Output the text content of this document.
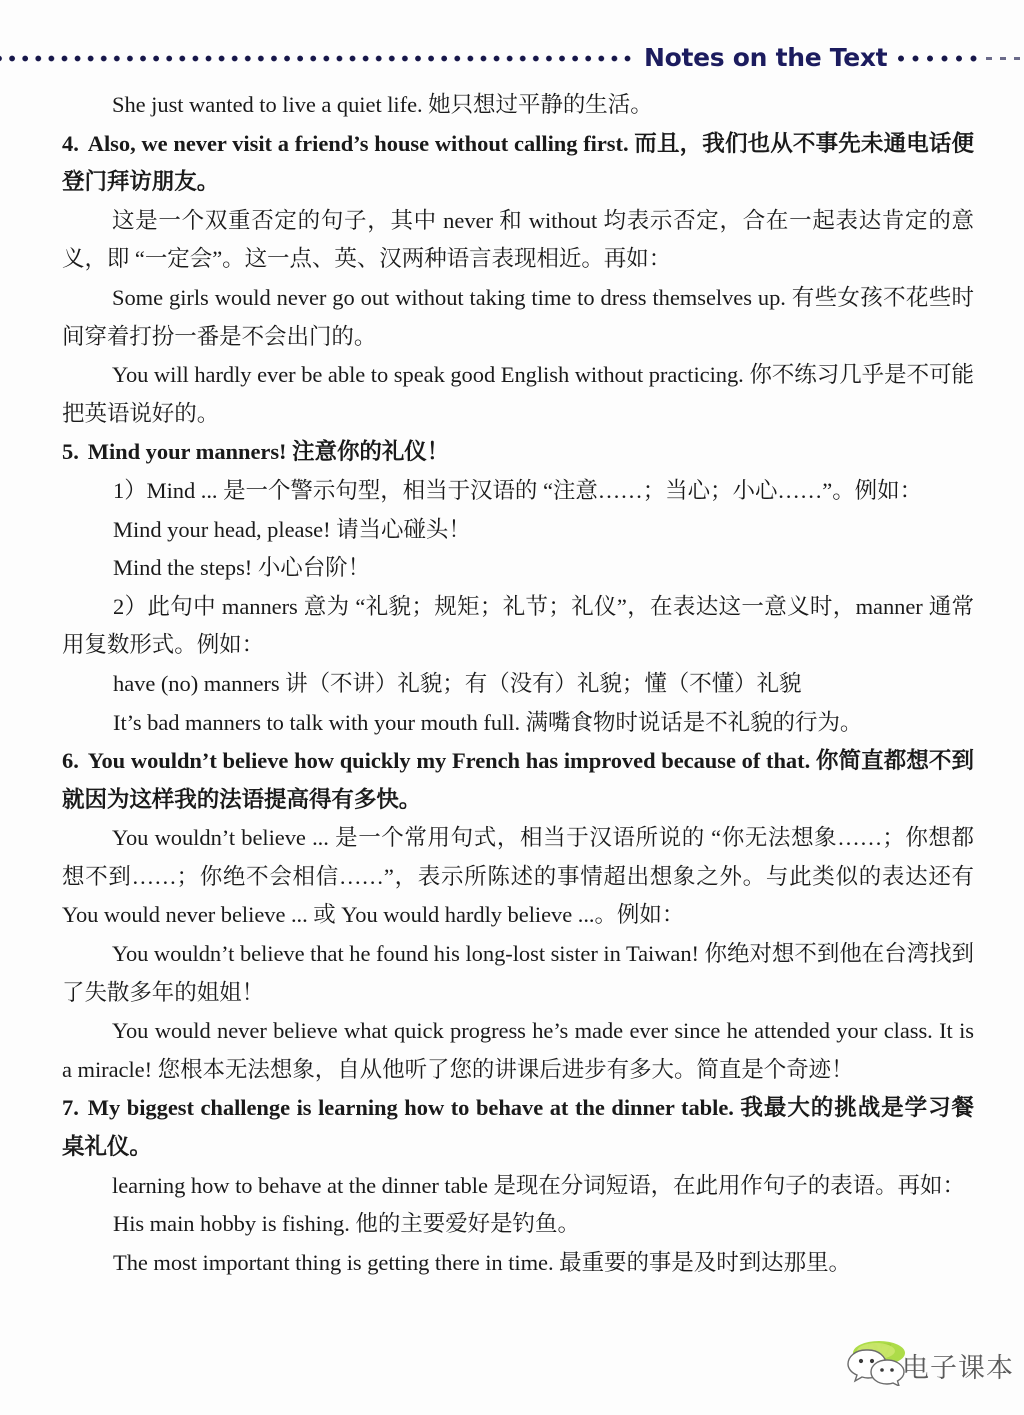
Notes on the Text

She just wanted to live a quiet life. 她只想过平静的生活。

4. Also, we never visit a friend’s house without calling first. 而且，我们也从不事先未通电话便登门拜访朋友。

这是一个双重否定的句子，其中 never 和 without 均表示否定，合在一起表达肯定的意义，即 “一定会”。这一点、英、汉两种语言表现相近。再如：

Some girls would never go out without taking time to dress themselves up. 有些女孩不花些时间穿着打扮一番是不会出门的。

You will hardly ever be able to speak good English without practicing. 你不练习几乎是不可能把英语说好的。

5. Mind your manners! 注意你的礼仪！

1）Mind ... 是一个警示句型，相当于汉语的 “注意……；当心；小心……”。例如：

Mind your head, please! 请当心碰头！

Mind the steps! 小心台阶！

2）此句中 manners 意为 “礼貌；规矩；礼节；礼仪”，在表达这一意义时，manner 通常用复数形式。例如：

have (no) manners 讲（不讲）礼貌；有（没有）礼貌；懂（不懂）礼貌

It’s bad manners to talk with your mouth full. 满嘴食物时说话是不礼貌的行为。

6. You wouldn’t believe how quickly my French has improved because of that. 你简直都想不到就因为这样我的法语提高得有多快。

You wouldn’t believe ... 是一个常用句式，相当于汉语所说的 “你无法想象……；你想都想不到……；你绝不会相信……”，表示所陈述的事情超出想象之外。与此类似的表达还有 You would never believe ... 或 You would hardly believe ...。例如：

You wouldn’t believe that he found his long-lost sister in Taiwan! 你绝对想不到他在台湾找到了失散多年的姐姐！

You would never believe what quick progress he’s made ever since he attended your class. It is a miracle! 您根本无法想象，自从他听了您的讲课后进步有多大。简直是个奇迹！

7. My biggest challenge is learning how to behave at the dinner table. 我最大的挑战是学习餐桌礼仪。

learning how to behave at the dinner table 是现在分词短语，在此用作句子的表语。再如：

His main hobby is fishing. 他的主要爱好是钓鱼。

The most important thing is getting there in time. 最重要的事是及时到达那里。

电子课本
